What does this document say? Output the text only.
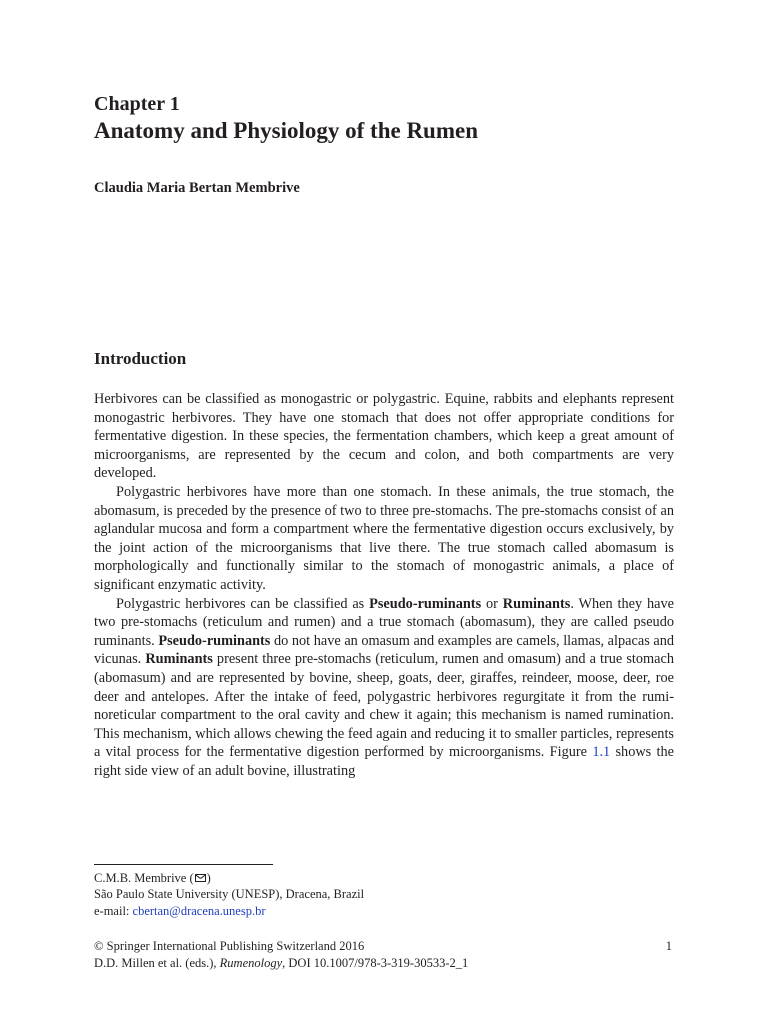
Chapter 1
Anatomy and Physiology of the Rumen
Claudia Maria Bertan Membrive
Introduction

Herbivores can be classified as monogastric or polygastric. Equine, rabbits and elephants represent monogastric herbivores. They have one stomach that does not offer appropriate conditions for fermentative digestion. In these species, the fermentation chambers, which keep a great amount of microorganisms, are represented by the cecum and colon, and both compartments are very developed.

Polygastric herbivores have more than one stomach. In these animals, the true stomach, the abomasum, is preceded by the presence of two to three pre-stomachs. The pre-stomachs consist of an aglandular mucosa and form a compartment where the fermentative digestion occurs exclusively, by the joint action of the microorganisms that live there. The true stomach called abomasum is morphologically and functionally similar to the stomach of monogastric animals, a place of significant enzymatic activity.

Polygastric herbivores can be classified as Pseudo-ruminants or Ruminants. When they have two pre-stomachs (reticulum and rumen) and a true stomach (abomasum), they are called pseudo ruminants. Pseudo-ruminants do not have an omasum and examples are camels, llamas, alpacas and vicunas. Ruminants present three pre-stomachs (reticulum, rumen and omasum) and a true stomach (abomasum) and are represented by bovine, sheep, goats, deer, giraffes, reindeer, moose, deer, roe deer and antelopes. After the intake of feed, polygastric herbivores regurgitate it from the ruminoreticular compartment to the oral cavity and chew it again; this mechanism is named rumination. This mechanism, which allows chewing the feed again and reducing it to smaller particles, represents a vital process for the fermentative digestion performed by microorganisms. Figure 1.1 shows the right side view of an adult bovine, illustrating

C.M.B. Membrive ( )
São Paulo State University (UNESP), Dracena, Brazil
e-mail: cbertan@dracena.unesp.br
© Springer International Publishing Switzerland 2016
D.D. Millen et al. (eds.), Rumenology, DOI 10.1007/978-3-319-30533-2_1
1
